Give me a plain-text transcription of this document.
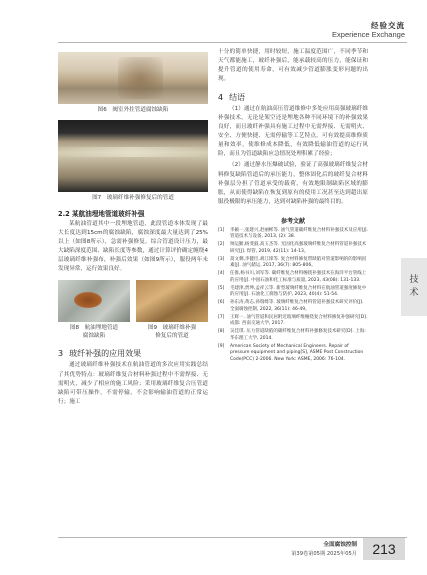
经验交流
Experience Exchange
图6　阀室外拄管道腐蚀缺陷
图7　玻璃纤维补强修复后的管道
2.2 某航油埋地管道玻纤补强
某航油管道其中一段埋地管道，此段管道本体发现了最大长度达到15cm的腐蚀缺陷，腐蚀深度最大量达到了25%以上（如图8所示），急需补强修复。综合管道设计压力，最大缺陷深度范围、缺陷长度等参数，通过计算评价确定缠绕4层玻璃纤维补强布，补强后效果（如图9所示），服役两年未发现异常，运行效果良好。
图8　航油埋地管道
腐蚀缺陷
图9　玻璃纤维补强
修复后的管道
3 玻纤补强的应用效果
通过玻璃纤维补强技术在航油管道的多次应用实践总结了其优势特点：玻璃纤维复合材料补强过程中不需焊接、无需明火，减少了相应的施工风险；采用玻璃纤维复合压管道缺陷可带压操作，不需停输，不会影响输油管道的正常运行；施工
十分的简单快捷，用时较短，施工温度范围广，不同季节和天气都能施工，玻纤补强后，能承载较高的压力，能保证和提升管道的使用寿命，可有效减少管道膨胀变形问题的出现。
4 结语
（1）通过在航油高压管道维修中多处应用高强玻璃纤维补强技术，无论是架空还是埋地各种不同环境下的补强效果良好，而且玻纤补强具有施工过程中无需焊接、无需明火、安全、方便快捷、无需停输等工艺特点，可有效提高维修质量和效率，使维修成本降低，有效降低输油管道的运行风险，而且为管道缺陷应急情况处理积累了经验；
（2）通过静水压爆破试验，验证了高强玻璃纤维复合材料修复缺陷管道后的承压能力，整体固化后的玻纤复合材料补强层分担了管道承受的载荷，有效地限制缺陷区域的膨胀，从而使得缺陷在恢复到原有的使用工况甚至达到超出原服役极限的承压能力，达到对缺陷补强的最终目的。
参考文献
[1]	李颖一,张建兴,赵丽彬等. 油气管道碳纤维复合材料补强技术及应用[J]. 管道技术与设备, 2013, (2): 38.
[2]	帅运勤,杨斐淑,高玉杰等. 光固化高强玻璃纤维复合材料管道补强技术研究[J]. 焊管, 2019, 42(11): 14-13。
[3]	蒿文剩,李健臣,胡江锋等. 复合材料修复带缺陷对管道影响的的影响因素[J]. 油气储运, 2017, 36(7): 805-806。
[4]	任淮,杨书川,刘军等. 碳纤维复合材料缠绕补强技术在海洋平台管线上的应用[J]. 中国石油和化工标准与质量, 2023, 43(08): 131-133.
[5]	毛建津,贾坤,孟祥云等. 新型玻璃纤维复合材料在航油管道强度修复中的应用[J]. 石油化工腐蚀与防护, 2023, 40(4): 51-54.
[6]	孙东涛,黄志,孙瑞绮等. 玻璃纤维复合材料管道补强技术研究评价[J]. 全面腐蚀控制, 2022, 36(11): 46-49。
[7]	王辉一. 油气管道和民居附近玻璃纤维缠绕复合材料修复补强研究[D]. 成都: 西南交通大学, 2017.
[8]	吴佳琪. 压力管道缺陷的碳纤维复合材料补强修复技术研究[D]. 上海: 华东理工大学, 2014.
[9]	American Society of Mechanical Engineers. Repair of pressure equipment and piping[S], ASME Post Construction Code(PCC) 2-2006. New York: ASME, 2006: 76-104.
技
术
全面腐蚀控制
第39卷第05期 2025年05月	213
